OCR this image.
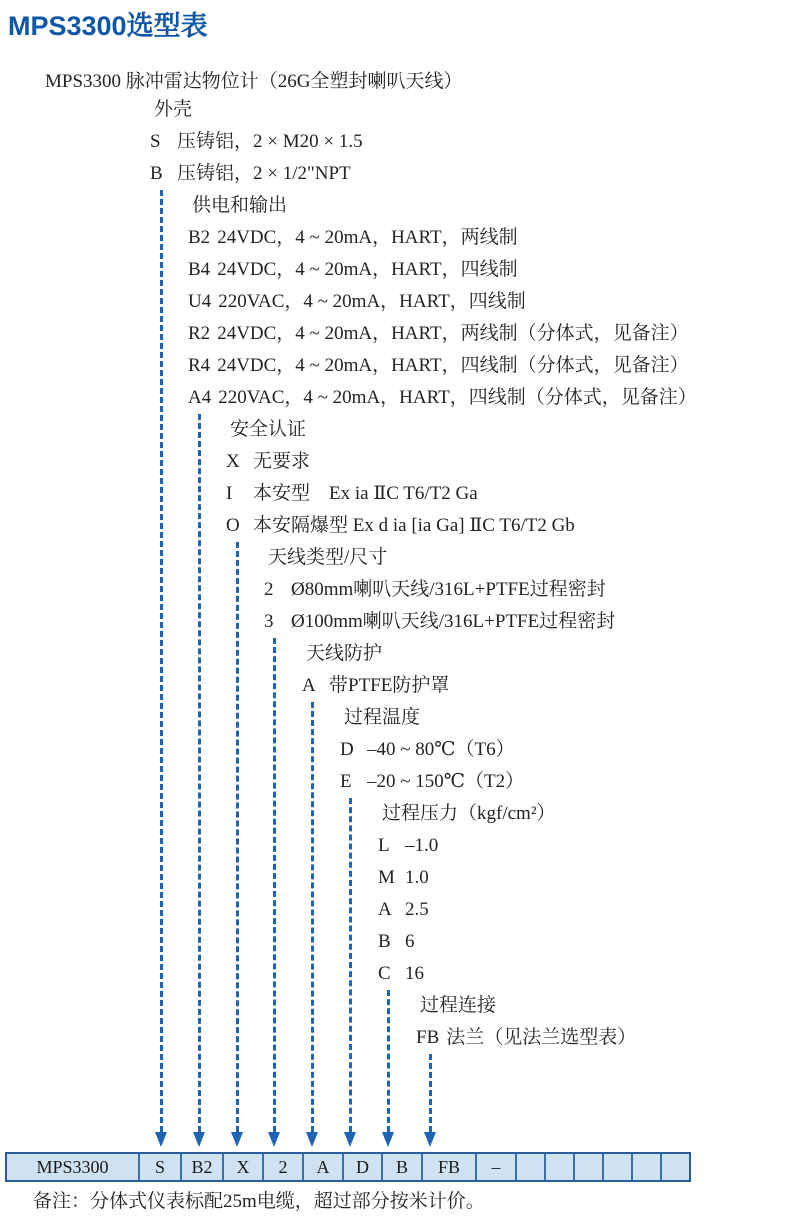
MPS3300选型表
MPS3300 脉冲雷达物位计（26G全塑封喇叭天线）
外壳
S 压铸铝，2 × M20 × 1.5
B 压铸铝，2 × 1/2"NPT
供电和输出
B2 24VDC，4 ~ 20mA，HART，两线制
B4 24VDC，4 ~ 20mA，HART，四线制
U4 220VAC，4 ~ 20mA，HART，四线制
R2 24VDC，4 ~ 20mA，HART，两线制（分体式，见备注）
R4 24VDC，4 ~ 20mA，HART，四线制（分体式，见备注）
A4 220VAC，4 ~ 20mA，HART，四线制（分体式，见备注）
安全认证
X 无要求
I 本安型　Ex ia ⅡC T6/T2 Ga
O 本安隔爆型 Ex d ia [ia Ga] ⅡC T6/T2 Gb
天线类型/尺寸
2 Ø80mm喇叭天线/316L+PTFE过程密封
3 Ø100mm喇叭天线/316L+PTFE过程密封
天线防护
A 带PTFE防护罩
过程温度
D –40 ~ 80℃（T6）
E –20 ~ 150℃（T2）
过程压力（kgf/cm²）
L –1.0
M 1.0
A 2.5
B 6
C 16
过程连接
FB 法兰（见法兰选型表）
MPS3300	S	B2	X	2	A	D	B	FB	–
备注：分体式仪表标配25m电缆，超过部分按米计价。
